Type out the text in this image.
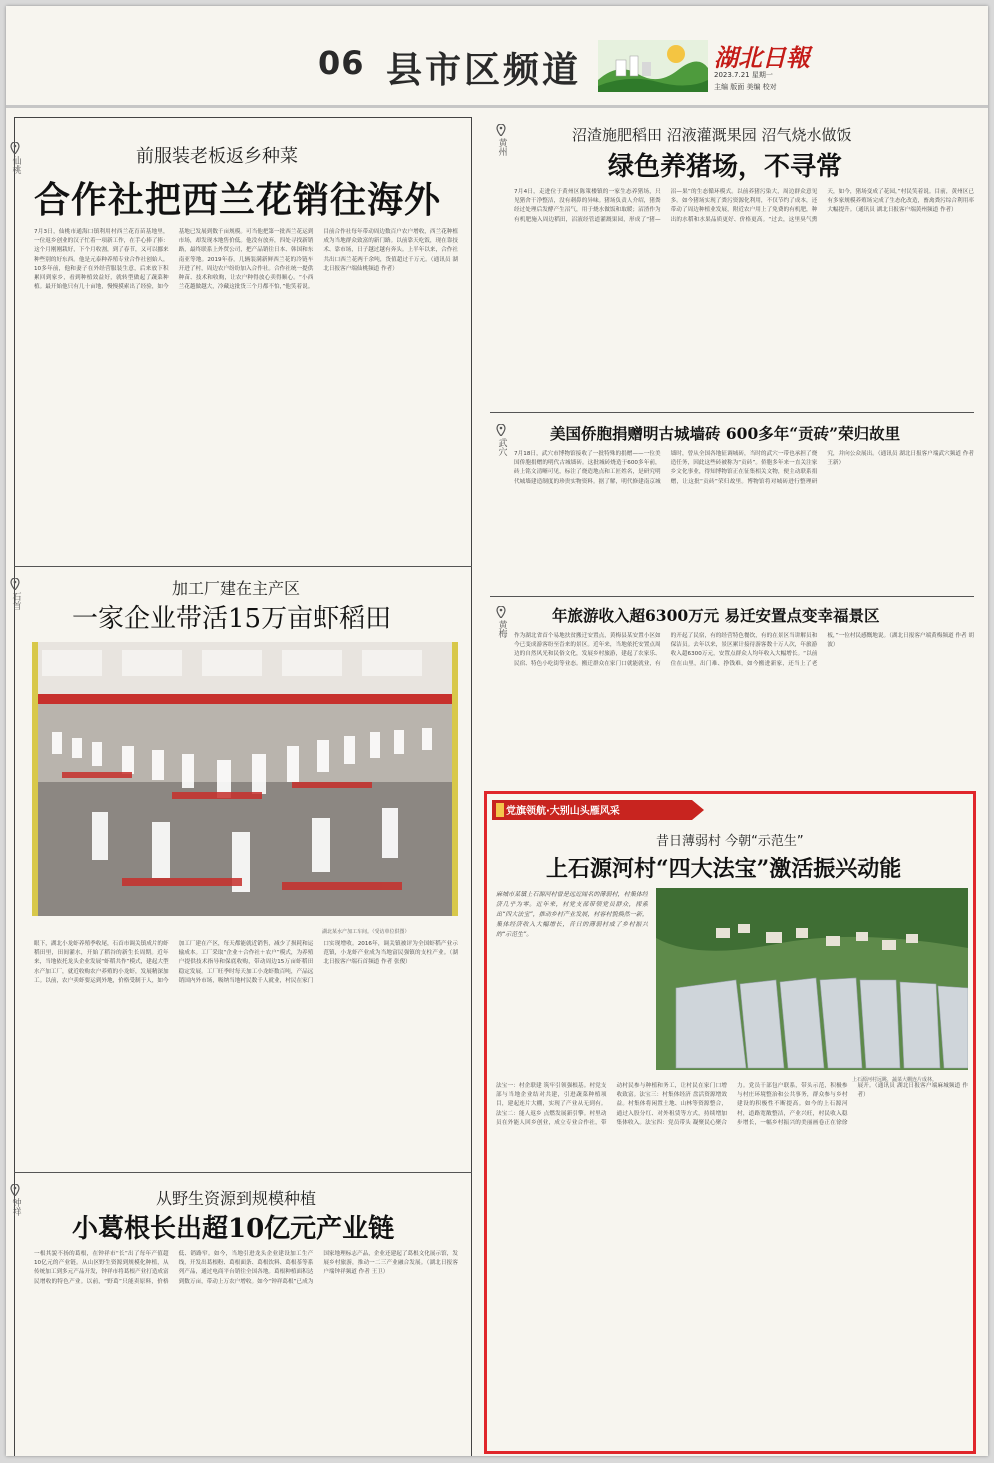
06 县市区频道	湖北日報
2023.7.21 星期一
主编 版面 美编 校对
仙桃	前服装老板返乡种菜
合作社把西兰花销往海外
7月3日，仙桃市通海口镇利用村西兰花育苗基地里，一位返乡创业的汉子忙着一项新工作，在手心捧了捧：这个月刚刚栽好，下个月收割，到了春节，又可以挪来种些别的好东西。他是元泰种养殖专业合作社创始人，10多年前，他和妻子在外经营服装生意，后来放下积累回到家乡，看到种植效益好，就转型做起了蔬菜种植。最开始他只有几十亩地，慢慢摸索出了经验，如今基地已发展到数千亩规模。可当他把第一批西兰花运到市场，却发现本地售价低。他没有放弃，四处寻找新销路，最终联系上外贸公司，把产品销往日本、韩国和东南亚等地。2019年春，几辆装满新鲜西兰花的冷链车开进了村，周边农户纷纷加入合作社。合作社统一提供种苗、技术和收购，让农户种得放心卖得顺心。“小西兰花越做越大，冷藏这批货三个月都不怕，”他笑着说。目前合作社每年带动周边数百户农户增收，西兰花种植成为当地群众致富的新门路。以前靠天吃饭，现在靠技术、靠市场，日子越过越有奔头。上半年以来，合作社共出口西兰花两千余吨，货值超过千万元。（通讯员 湖北日报客户端仙桃频道 作者）
石首
加工厂建在主产区
一家企业带活15万亩虾稻田
湖北某水产加工车间。（受访单位供图）
眼下，湖北小龙虾养殖季收尾，石首市调关镇成片的虾稻田里，田间灌水，开始了稻谷的新生长周期。近年来，当地依托龙头企业发展“虾稻共作”模式，建起大型水产加工厂，就近收购农户养殖的小龙虾，发展精深加工。以前，农户卖虾要运到外地，价格受制于人，如今加工厂建在产区，每天都能就近销售，减少了损耗和运输成本。工厂采取“企业＋合作社＋农户”模式，为养殖户提供技术指导和保底收购，带动周边15万亩虾稻田稳定发展。工厂旺季时每天加工小龙虾数百吨，产品远销国内外市场，吸纳当地村民数千人就业，村民在家门口实现增收。2016年，调关镇被评为全国虾稻产业示范镇，小龙虾产业成为当地富民强镇的支柱产业。（湖北日报客户端石首频道 作者 张俊）
钟祥	从野生资源到规模种植
小葛根长出超10亿元产业链
一根其貌不扬的葛根，在钟祥市“长”出了每年产值超10亿元的产业链。从山区野生资源到规模化种植，从传统加工到多元产品开发，钟祥市将葛根产业打造成富民增收的特色产业。以前，“野葛”只能卖原料，价格低、销路窄。如今，当地引进龙头企业建设加工生产线，开发出葛根粉、葛根面条、葛根饮料、葛根茶等系列产品，通过电商平台销往全国各地。葛根种植面积达到数万亩，带动上万农户增收。如今“钟祥葛根”已成为国家地理标志产品，企业还建起了葛根文化展示馆，发展乡村旅游，推动一二三产业融合发展。（湖北日报客户端钟祥频道 作者 王卫）
黄州
沼渣施肥稻田 沼液灌溉果园 沼气烧水做饭
绿色养猪场，不寻常
7月4日，走进位于黄州区陈策楼镇的一家生态养猪场，只见猪舍干净整洁，没有刺鼻的异味。猪场负责人介绍，猪粪经过处理后发酵产生沼气，用于烧水做饭和取暖；沼渣作为有机肥施入周边稻田，沼液经管道灌溉果园，形成了“猪—沼—果”的生态循环模式。以前养猪污染大，周边群众意见多。如今猪场实现了粪污资源化利用，不仅节约了成本，还带动了周边种植业发展，附近农户用上了免费的有机肥，种出的水稻和水果品质更好、价格更高。“过去，这里臭气熏天，如今，猪场变成了花园，”村民笑着说。目前，黄州区已有多家规模养殖场完成了生态化改造，畜禽粪污综合利用率大幅提升。（通讯员 湖北日报客户端黄州频道 作者）
武穴
美国侨胞捐赠明古城墙砖 600多年“贡砖”荣归故里
7月18日，武穴市博物馆接收了一批特殊的捐赠——一位美国侨胞捐赠的明代古城墙砖。这批城砖烧造于600多年前，砖上铭文清晰可见，标注了烧造地点和工匠姓名，是研究明代城墙建造制度的珍贵实物资料。据了解，明代修建南京城墙时，曾从全国各地征调城砖，当时的武穴一带也承担了烧造任务，因此这些砖被称为“贡砖”。侨胞多年来一直关注家乡文化事业，得知博物馆正在征集相关文物，便主动联系捐赠，让这批“贡砖”荣归故里。博物馆将对城砖进行整理研究，并向公众展出。（通讯员 湖北日报客户端武穴频道 作者 王新）
黄梅
年旅游收入超6300万元 易迁安置点变幸福景区
作为湖北省首个易地扶贫搬迁安置点，黄梅县某安置小区如今已变成游客纷至沓来的景区。近年来，当地依托安置点周边的自然风光和民俗文化，发展乡村旅游，建起了农家乐、民宿、特色小吃街等业态。搬迁群众在家门口就能就业，有的开起了民宿，有的经营特色餐饮，有的在景区当讲解员和保洁员。去年以来，景区累计接待游客数十万人次，年旅游收入超6300万元，安置点群众人均年收入大幅增长。“以前住在山里，出门难、挣钱难，如今搬进新家，还当上了老板，”一位村民感慨地说。（湖北日报客户端黄梅频道 作者 胡波）
党旗领航·大别山头雁风采
昔日薄弱村 今朝“示范生”
上石源河村“四大法宝”激活振兴动能
麻城市某镇上石源河村曾是远近闻名的薄弱村，村集体经济几乎为零。近年来，村党支部带领党员群众，探索出“四大法宝”，推动乡村产业发展，村容村貌焕然一新，集体经济收入大幅增长，昔日的薄弱村成了乡村振兴的“示范生”。
上石源河村远眺，蔬菜大棚连片成林。
法宝一：村企联建 筑牢引领强根基。村党支部与当地企业结对共建，引进蔬菜种植项目，建起连片大棚，实现了产业从无到有。法宝二：能人返乡 点燃发展新引擎。村里动员在外能人回乡创业，成立专业合作社，带动村民参与种植和务工，让村民在家门口增收致富。法宝三：村集体经济 盘活资源增效益。村集体将闲置土地、山林等资源整合，通过入股分红、对外租赁等方式，持续增加集体收入。法宝四：党员带头 凝聚民心聚合力。党员干部包户联系，带头示范，积极参与村庄环境整治和公共事务，群众参与乡村建设的积极性不断提高。如今的上石源河村，道路宽敞整洁，产业兴旺，村民收入稳步增长，一幅乡村振兴的美丽画卷正在徐徐展开。（通讯员 湖北日报客户端麻城频道 作者）
